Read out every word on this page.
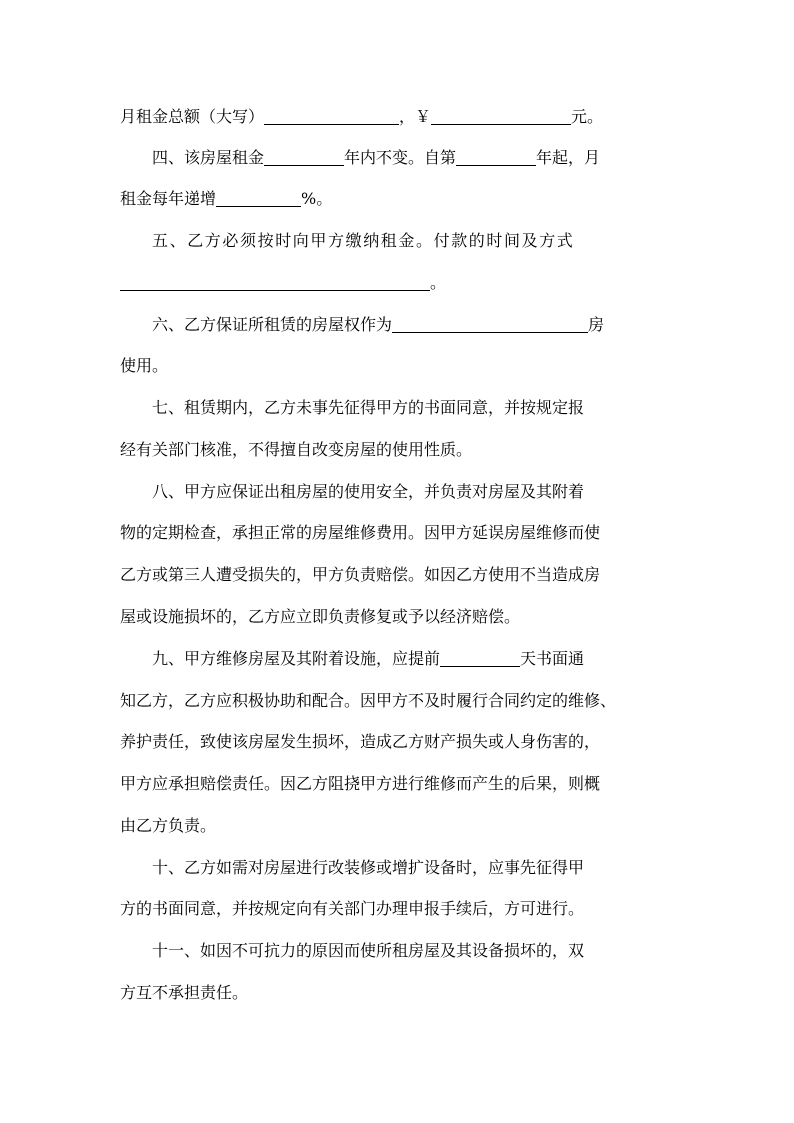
月租金总额（大写）	，￥	元。
四、该房屋租金	年内不变。自第	年起，月
租金每年递增	%。
五、乙方必须按时向甲方缴纳租金。付款的时间及方式
。
六、乙方保证所租赁的房屋权作为	房
使用。
七、租赁期内，乙方未事先征得甲方的书面同意，并按规定报
经有关部门核准，不得擅自改变房屋的使用性质。
八、甲方应保证出租房屋的使用安全，并负责对房屋及其附着
物的定期检查，承担正常的房屋维修费用。因甲方延误房屋维修而使
乙方或第三人遭受损失的，甲方负责赔偿。如因乙方使用不当造成房
屋或设施损坏的，乙方应立即负责修复或予以经济赔偿。
九、甲方维修房屋及其附着设施，应提前	天书面通
知乙方，乙方应积极协助和配合。因甲方不及时履行合同约定的维修、
养护责任，致使该房屋发生损坏，造成乙方财产损失或人身伤害的，
甲方应承担赔偿责任。因乙方阻挠甲方进行维修而产生的后果，则概
由乙方负责。
十、乙方如需对房屋进行改装修或增扩设备时，应事先征得甲
方的书面同意，并按规定向有关部门办理申报手续后，方可进行。
十一、如因不可抗力的原因而使所租房屋及其设备损坏的，双
方互不承担责任。
